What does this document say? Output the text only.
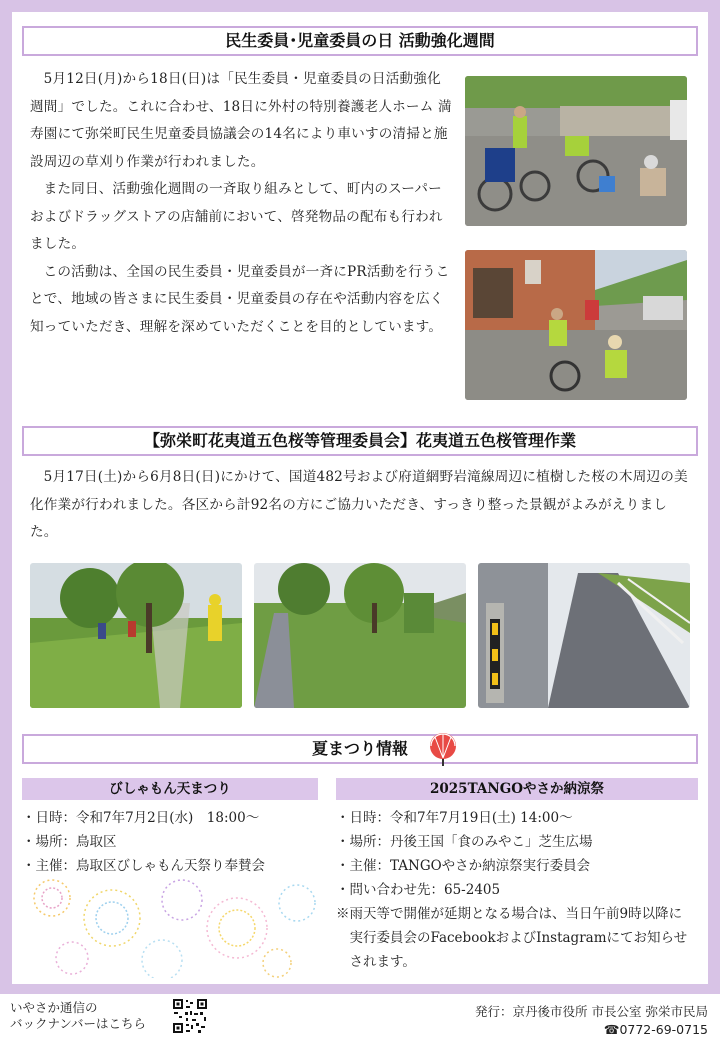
民生委員･児童委員の日 活動強化週間

5月12日(月)から18日(日)は「民生委員・児童委員の日活動強化週間」でした。これに合わせ、18日に外村の特別養護老人ホーム 満寿園にて弥栄町民生児童委員協議会の14名により車いすの清掃と施設周辺の草刈り作業が行われました。

また同日、活動強化週間の一斉取り組みとして、町内のスーパーおよびドラッグストアの店舗前において、啓発物品の配布も行われました。

この活動は、全国の民生委員・児童委員が一斉にPR活動を行うことで、地域の皆さまに民生委員・児童委員の存在や活動内容を広く知っていただき、理解を深めていただくことを目的としています。

【弥栄町花夷道五色桜等管理委員会】花夷道五色桜管理作業

5月17日(土)から6月8日(日)にかけて、国道482号および府道網野岩滝線周辺に植樹した桜の木周辺の美化作業が行われました。各区から計92名の方にご協力いただき、すっきり整った景観がよみがえりました。

夏まつり情報
びしゃもん天まつり
・日時：令和7年7月2日(水)　18:00～
・場所：鳥取区
・主催：鳥取区びしゃもん天祭り奉賛会
2025TANGOやさか納涼祭
・日時：令和7年7月19日(土) 14:00～
・場所：丹後王国「食のみやこ」芝生広場
・主催：TANGOやさか納涼祭実行委員会
・問い合わせ先：65-2405
※雨天等で開催が延期となる場合は、当日午前9時以降に実行委員会のFacebookおよびInstagramにてお知らせされます。
いやさか通信の
バックナンバーはこちら
発行：京丹後市役所 市長公室 弥栄市民局
☎0772-69-0715
